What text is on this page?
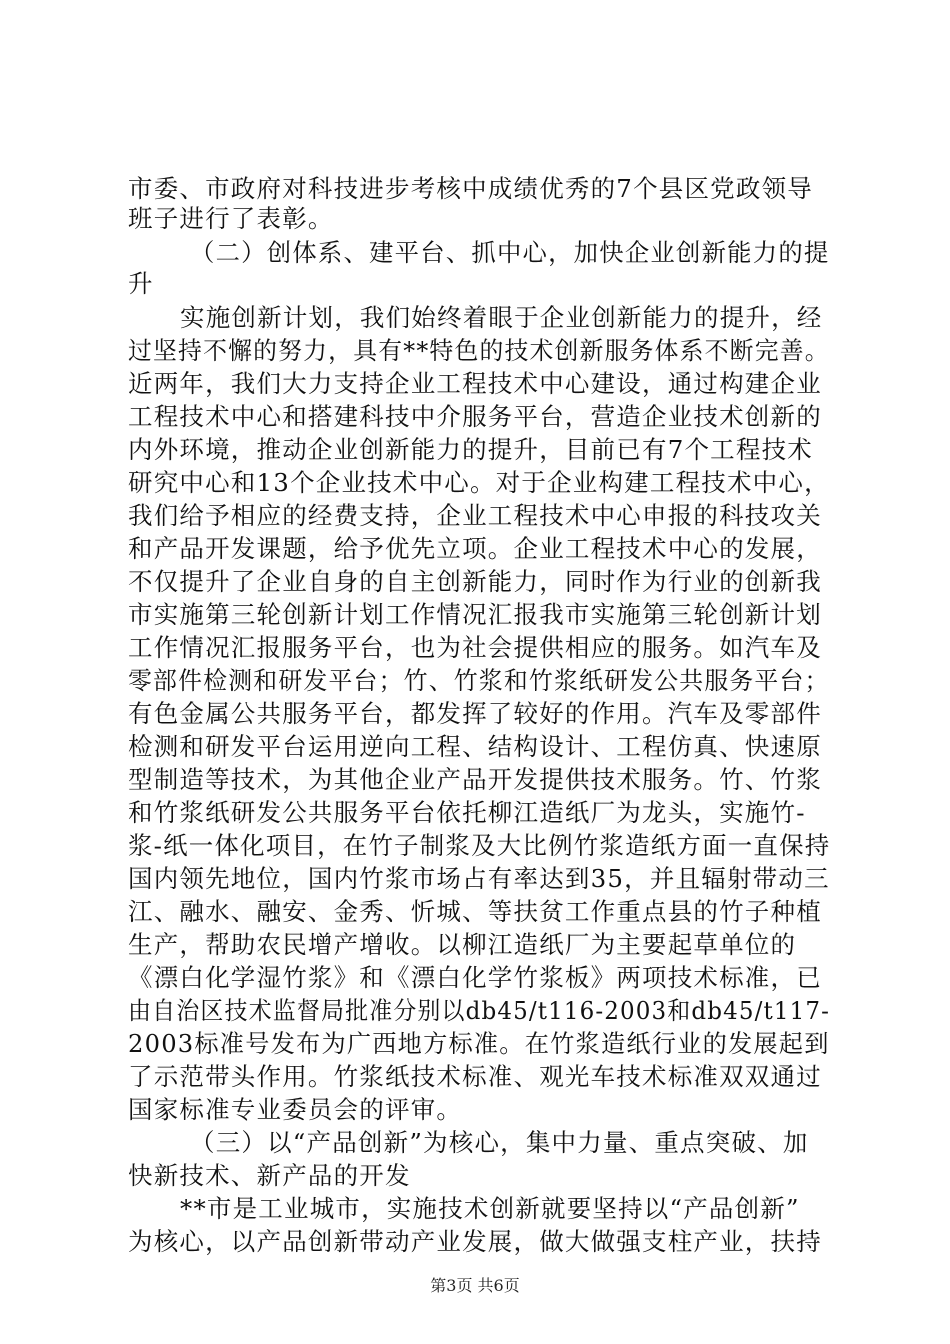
市委、市政府对科技进步考核中成绩优秀的7个县区党政领导
班子进行了表彰。
（二）创体系、建平台、抓中心，加快企业创新能力的提
升
实施创新计划，我们始终着眼于企业创新能力的提升，经
过坚持不懈的努力，具有**特色的技术创新服务体系不断完善。
近两年，我们大力支持企业工程技术中心建设，通过构建企业
工程技术中心和搭建科技中介服务平台，营造企业技术创新的
内外环境，推动企业创新能力的提升，目前已有7个工程技术
研究中心和13个企业技术中心。对于企业构建工程技术中心，
我们给予相应的经费支持，企业工程技术中心申报的科技攻关
和产品开发课题，给予优先立项。企业工程技术中心的发展，
不仅提升了企业自身的自主创新能力，同时作为行业的创新我
市实施第三轮创新计划工作情况汇报我市实施第三轮创新计划
工作情况汇报服务平台，也为社会提供相应的服务。如汽车及
零部件检测和研发平台；竹、竹浆和竹浆纸研发公共服务平台；
有色金属公共服务平台，都发挥了较好的作用。汽车及零部件
检测和研发平台运用逆向工程、结构设计、工程仿真、快速原
型制造等技术，为其他企业产品开发提供技术服务。竹、竹浆
和竹浆纸研发公共服务平台依托柳江造纸厂为龙头，实施竹-
浆-纸一体化项目，在竹子制浆及大比例竹浆造纸方面一直保持
国内领先地位，国内竹浆市场占有率达到35，并且辐射带动三
江、融水、融安、金秀、忻城、等扶贫工作重点县的竹子种植
生产，帮助农民增产增收。以柳江造纸厂为主要起草单位的
《漂白化学湿竹浆》和《漂白化学竹浆板》两项技术标准，已
由自治区技术监督局批准分别以db45/t116-2003和db45/t117-
2003标准号发布为广西地方标准。在竹浆造纸行业的发展起到
了示范带头作用。竹浆纸技术标准、观光车技术标准双双通过
国家标准专业委员会的评审。
（三）以“产品创新”为核心，集中力量、重点突破、加
快新技术、新产品的开发
**市是工业城市，实施技术创新就要坚持以“产品创新”
为核心，以产品创新带动产业发展，做大做强支柱产业，扶持
第3页 共6页
